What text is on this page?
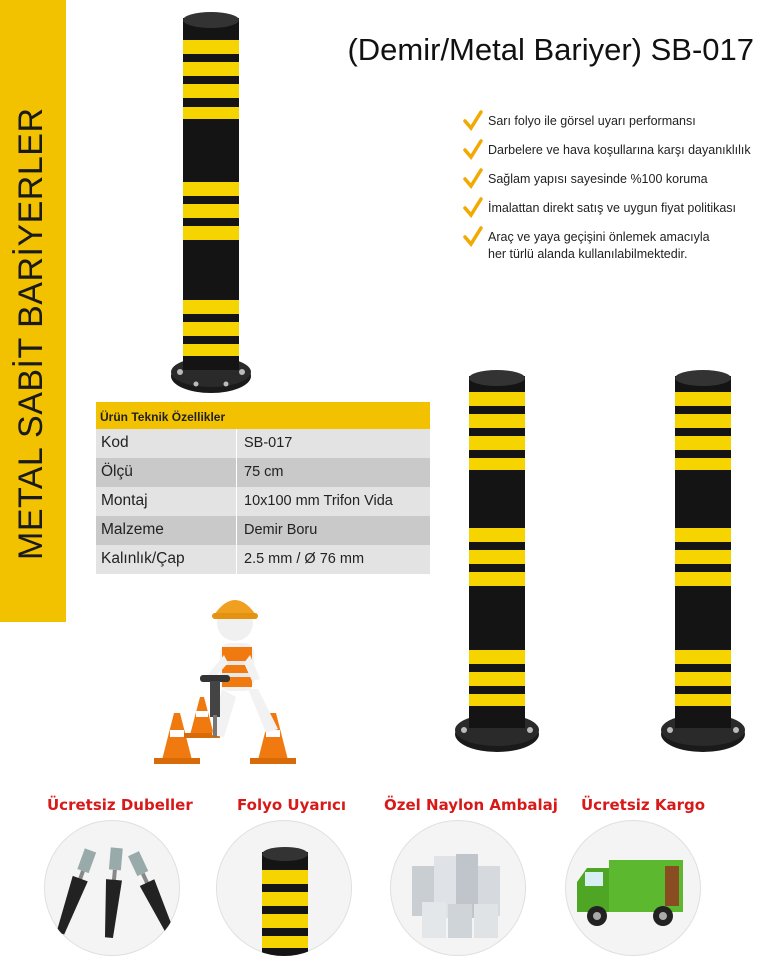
METAL SABİT BARİYERLER
(Demir/Metal Bariyer) SB-017
Sarı folyo ile görsel uyarı performansı
Darbelere ve hava koşullarına karşı dayanıklılık
Sağlam yapısı sayesinde %100 koruma
İmalattan direkt satış ve uygun fiyat politikası
Araç ve yaya geçişini önlemek amacıyla
her türlü alanda kullanılabilmektedir.
Ürün Teknik Özellikler
Kod	SB-017
Ölçü	75 cm
Montaj	10x100 mm Trifon Vida
Malzeme	Demir Boru
Kalınlık/Çap	2.5 mm / Ø 76 mm
Ücretsiz Dubeller	Folyo Uyarıcı	Özel Naylon Ambalaj Ücretsiz Kargo
